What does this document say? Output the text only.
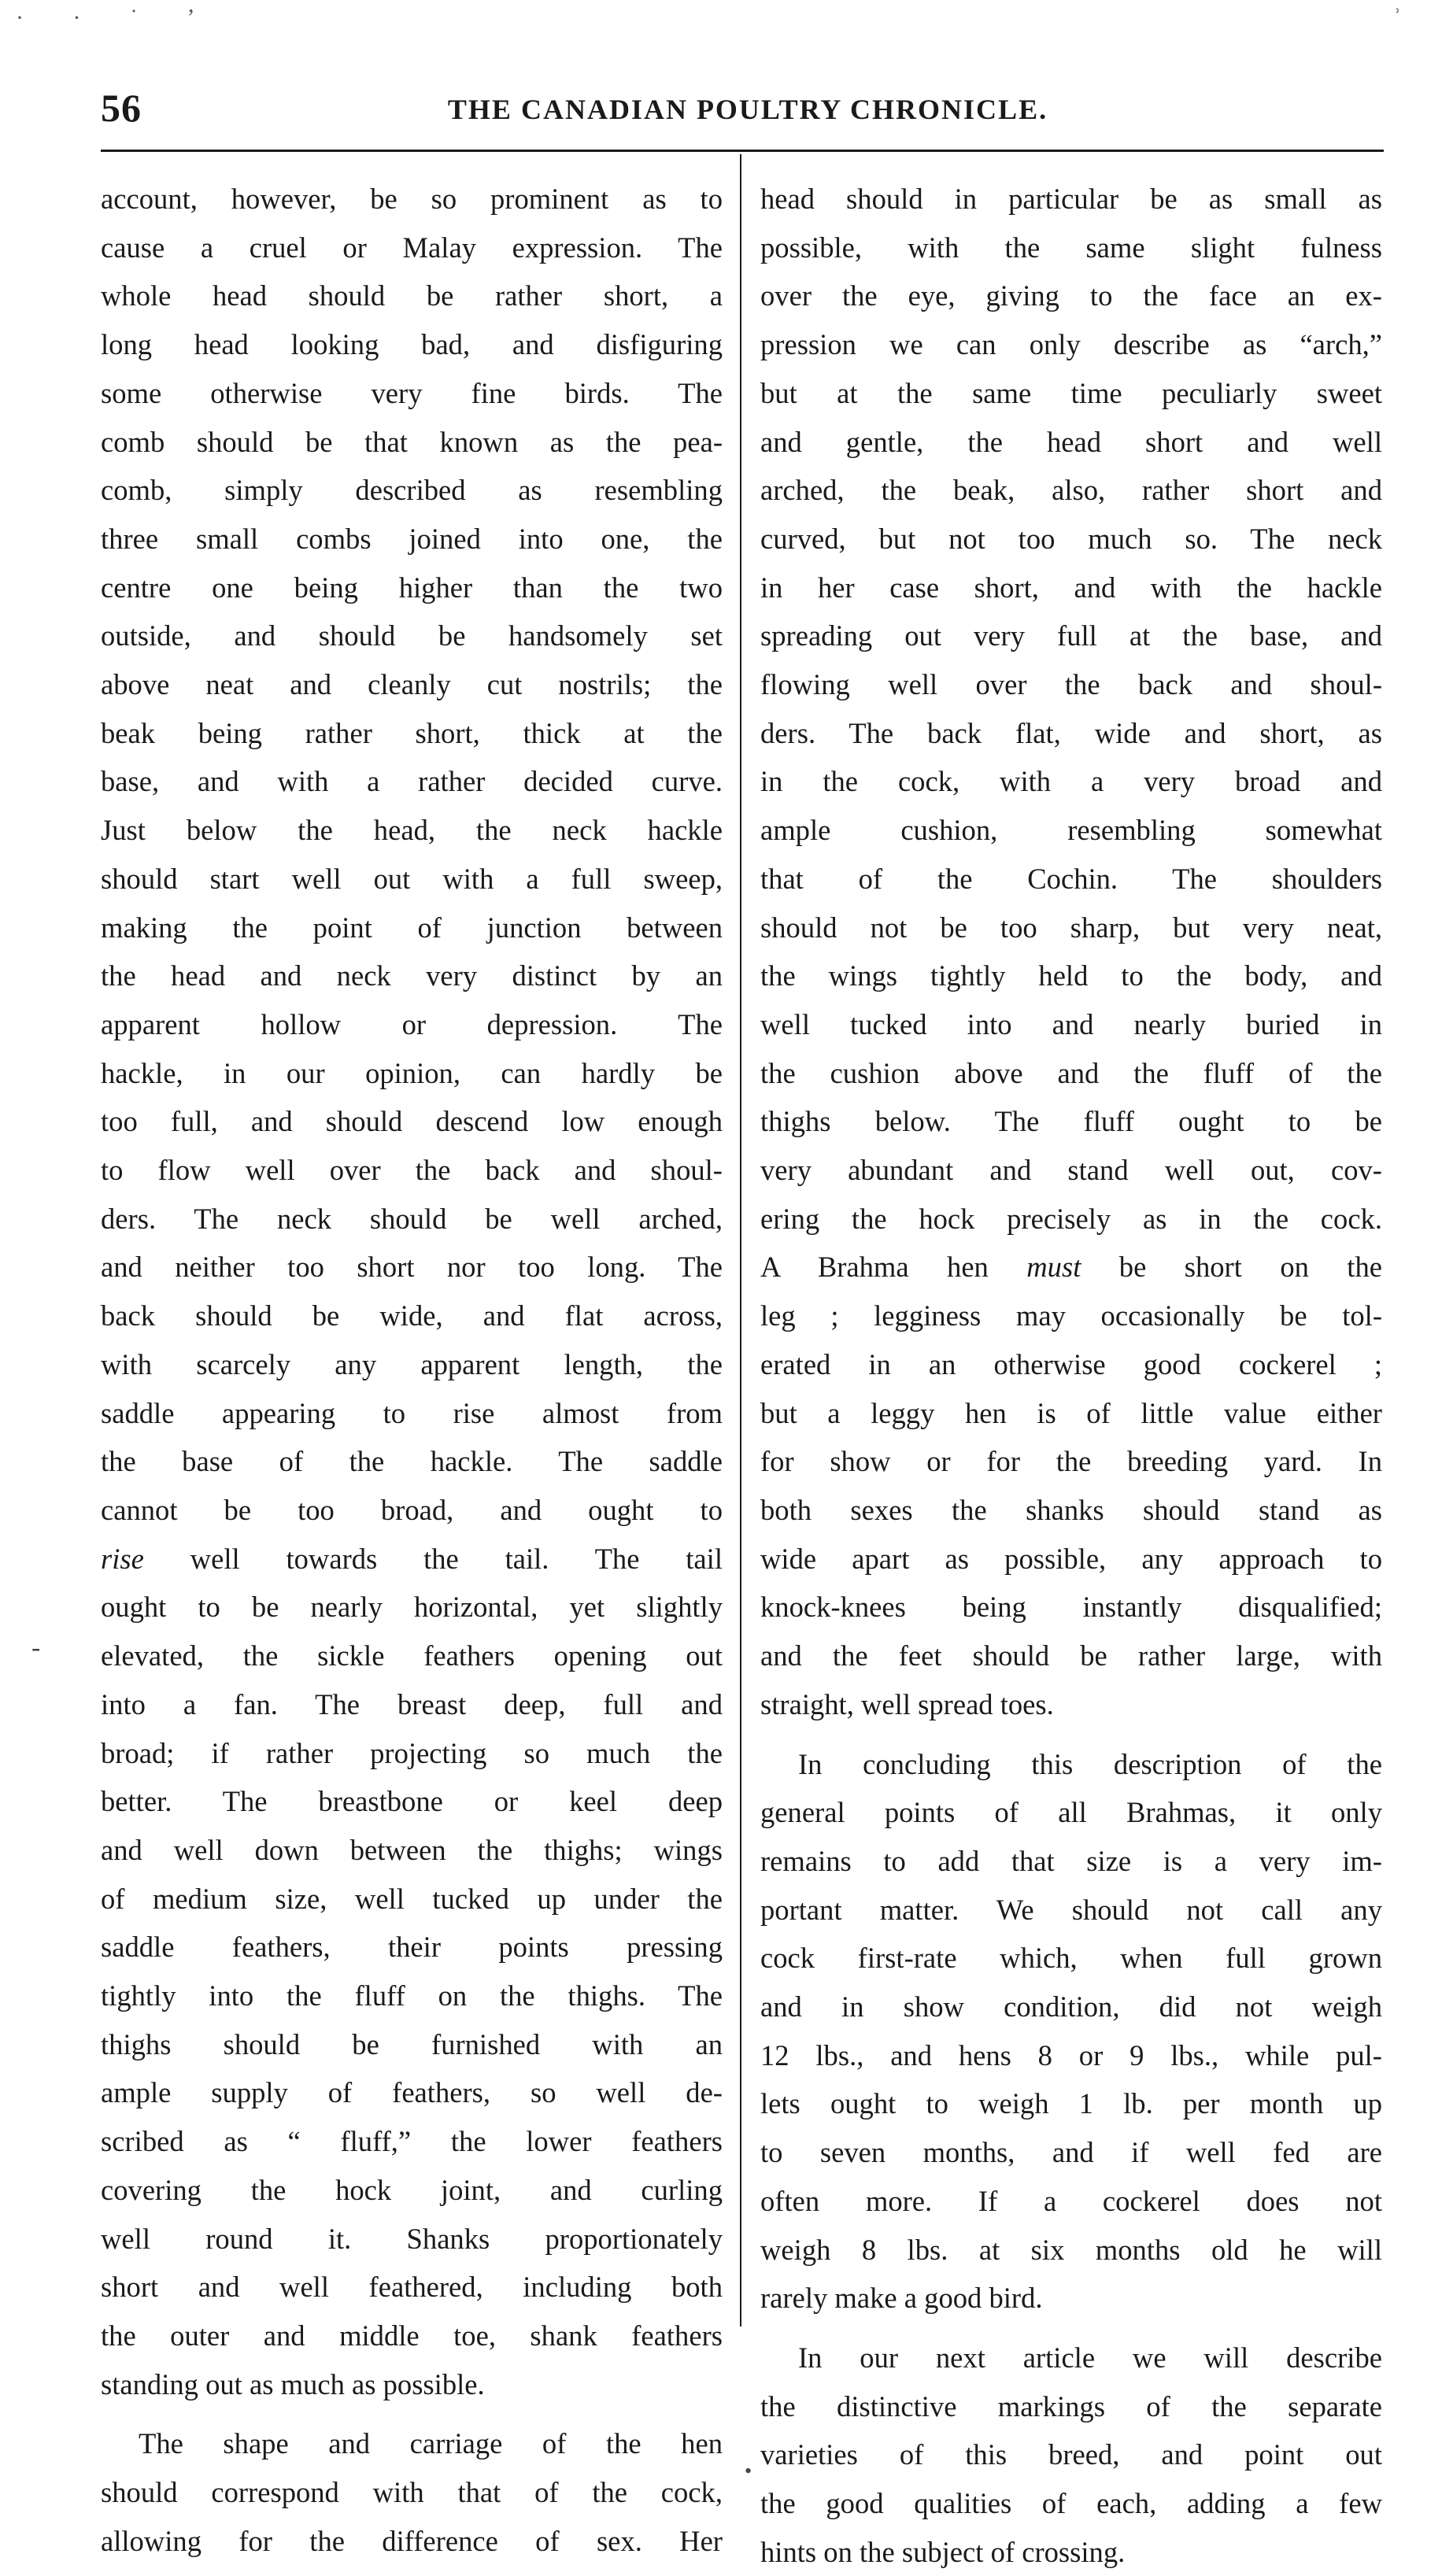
· · ˙ ʼ	ʾ
-
•
56	THE CANADIAN POULTRY CHRONICLE.

account, however, be so prominent as to

cause a cruel or Malay expression. The

whole head should be rather short, a

long head looking bad, and disfiguring

some otherwise very fine birds. The

comb should be that known as the pea-

comb, simply described as resembling

three small combs joined into one, the

centre one being higher than the two

outside, and should be handsomely set

above neat and cleanly cut nostrils; the

beak being rather short, thick at the

base, and with a rather decided curve.

Just below the head, the neck hackle

should start well out with a full sweep,

making the point of junction between

the head and neck very distinct by an

apparent hollow or depression. The

hackle, in our opinion, can hardly be

too full, and should descend low enough

to flow well over the back and shoul-

ders. The neck should be well arched,

and neither too short nor too long. The

back should be wide, and flat across,

with scarcely any apparent length, the

saddle appearing to rise almost from

the base of the hackle. The saddle

cannot be too broad, and ought to

rise well towards the tail. The tail

ought to be nearly horizontal, yet slightly

elevated, the sickle feathers opening out

into a fan. The breast deep, full and

broad; if rather projecting so much the

better. The breastbone or keel deep

and well down between the thighs; wings

of medium size, well tucked up under the

saddle feathers, their points pressing

tightly into the fluff on the thighs. The

thighs should be furnished with an

ample supply of feathers, so well de-

scribed as “ fluff,” the lower feathers

covering the hock joint, and curling

well round it. Shanks proportionately

short and well feathered, including both

the outer and middle toe, shank feathers

standing out as much as possible.

The shape and carriage of the hen

should correspond with that of the cock,

allowing for the difference of sex. Her

head should in particular be as small as

possible, with the same slight fulness

over the eye, giving to the face an ex-

pression we can only describe as “arch,”

but at the same time peculiarly sweet

and gentle, the head short and well

arched, the beak, also, rather short and

curved, but not too much so. The neck

in her case short, and with the hackle

spreading out very full at the base, and

flowing well over the back and shoul-

ders. The back flat, wide and short, as

in the cock, with a very broad and

ample cushion, resembling somewhat

that of the Cochin. The shoulders

should not be too sharp, but very neat,

the wings tightly held to the body, and

well tucked into and nearly buried in

the cushion above and the fluff of the

thighs below. The fluff ought to be

very abundant and stand well out, cov-

ering the hock precisely as in the cock.

A Brahma hen must be short on the

leg ; legginess may occasionally be tol-

erated in an otherwise good cockerel ;

but a leggy hen is of little value either

for show or for the breeding yard. In

both sexes the shanks should stand as

wide apart as possible, any approach to

knock-knees being instantly disqualified;

and the feet should be rather large, with

straight, well spread toes.

In concluding this description of the

general points of all Brahmas, it only

remains to add that size is a very im-

portant matter. We should not call any

cock first-rate which, when full grown

and in show condition, did not weigh

12 lbs., and hens 8 or 9 lbs., while pul-

lets ought to weigh 1 lb. per month up

to seven months, and if well fed are

often more. If a cockerel does not

weigh 8 lbs. at six months old he will

rarely make a good bird.

In our next article we will describe

the distinctive markings of the separate

varieties of this breed, and point out

the good qualities of each, adding a few

hints on the subject of crossing.
